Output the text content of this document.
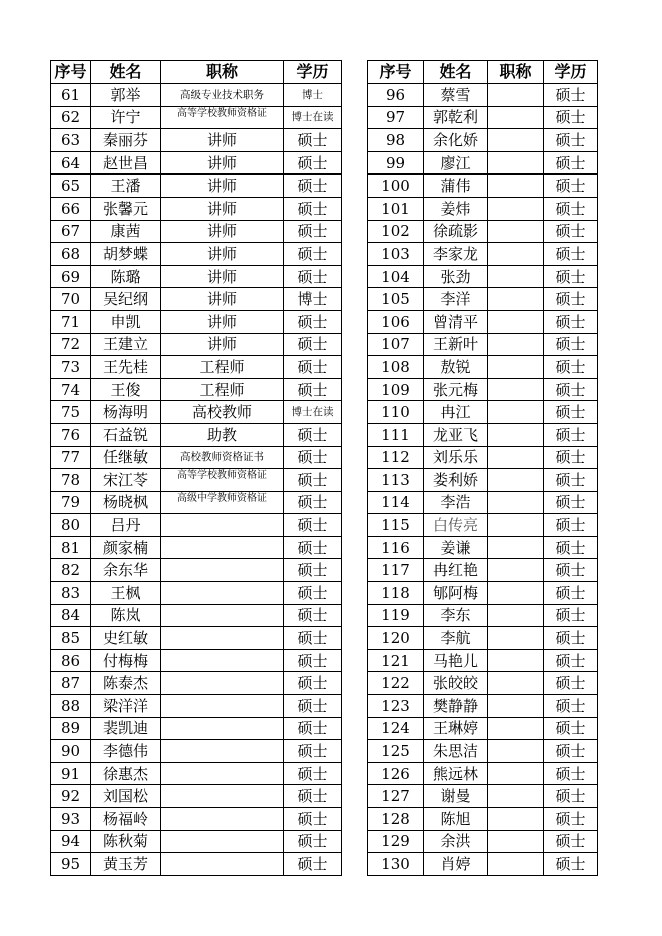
序号	姓名	职称	学历
61	郭举	高级专业技术职务	博士
62	许宁	高等学校教师资格证	博士在读
63	秦丽芬	讲师	硕士
64	赵世昌	讲师	硕士
65	王潘	讲师	硕士
66	张馨元	讲师	硕士
67	康茜	讲师	硕士
68	胡梦蝶	讲师	硕士
69	陈璐	讲师	硕士
70	吴纪纲	讲师	博士
71	申凯	讲师	硕士
72	王建立	讲师	硕士
73	王先桂	工程师	硕士
74	王俊	工程师	硕士
75	杨海明	高校教师	博士在读
76	石益锐	助教	硕士
77	任继敏	高校教师资格证书	硕士
78	宋江苓	高等学校教师资格证	硕士
79	杨晓枫	高级中学教师资格证	硕士
80	吕丹		硕士
81	颜家楠		硕士
82	余东华		硕士
83	王枫		硕士
84	陈岚		硕士
85	史红敏		硕士
86	付梅梅		硕士
87	陈泰杰		硕士
88	梁洋洋		硕士
89	裴凯迪		硕士
90	李德伟		硕士
91	徐惠杰		硕士
92	刘国松		硕士
93	杨福岭		硕士
94	陈秋菊		硕士
95	黄玉芳		硕士
序号	姓名	职称	学历
96	蔡雪		硕士
97	郭乾利		硕士
98	余化娇		硕士
99	廖江		硕士
100	蒲伟		硕士
101	姜炜		硕士
102	徐疏影		硕士
103	李家龙		硕士
104	张劲		硕士
105	李洋		硕士
106	曾清平		硕士
107	王新叶		硕士
108	敖锐		硕士
109	张元梅		硕士
110	冉江		硕士
111	龙亚飞		硕士
112	刘乐乐		硕士
113	娄利娇		硕士
114	李浩		硕士
115	白传亮		硕士
116	姜谦		硕士
117	冉红艳		硕士
118	郇阿梅		硕士
119	李东		硕士
120	李航		硕士
121	马艳儿		硕士
122	张皎皎		硕士
123	樊静静		硕士
124	王琳婷		硕士
125	朱思洁		硕士
126	熊远林		硕士
127	谢曼		硕士
128	陈旭		硕士
129	余洪		硕士
130	肖婷		硕士
